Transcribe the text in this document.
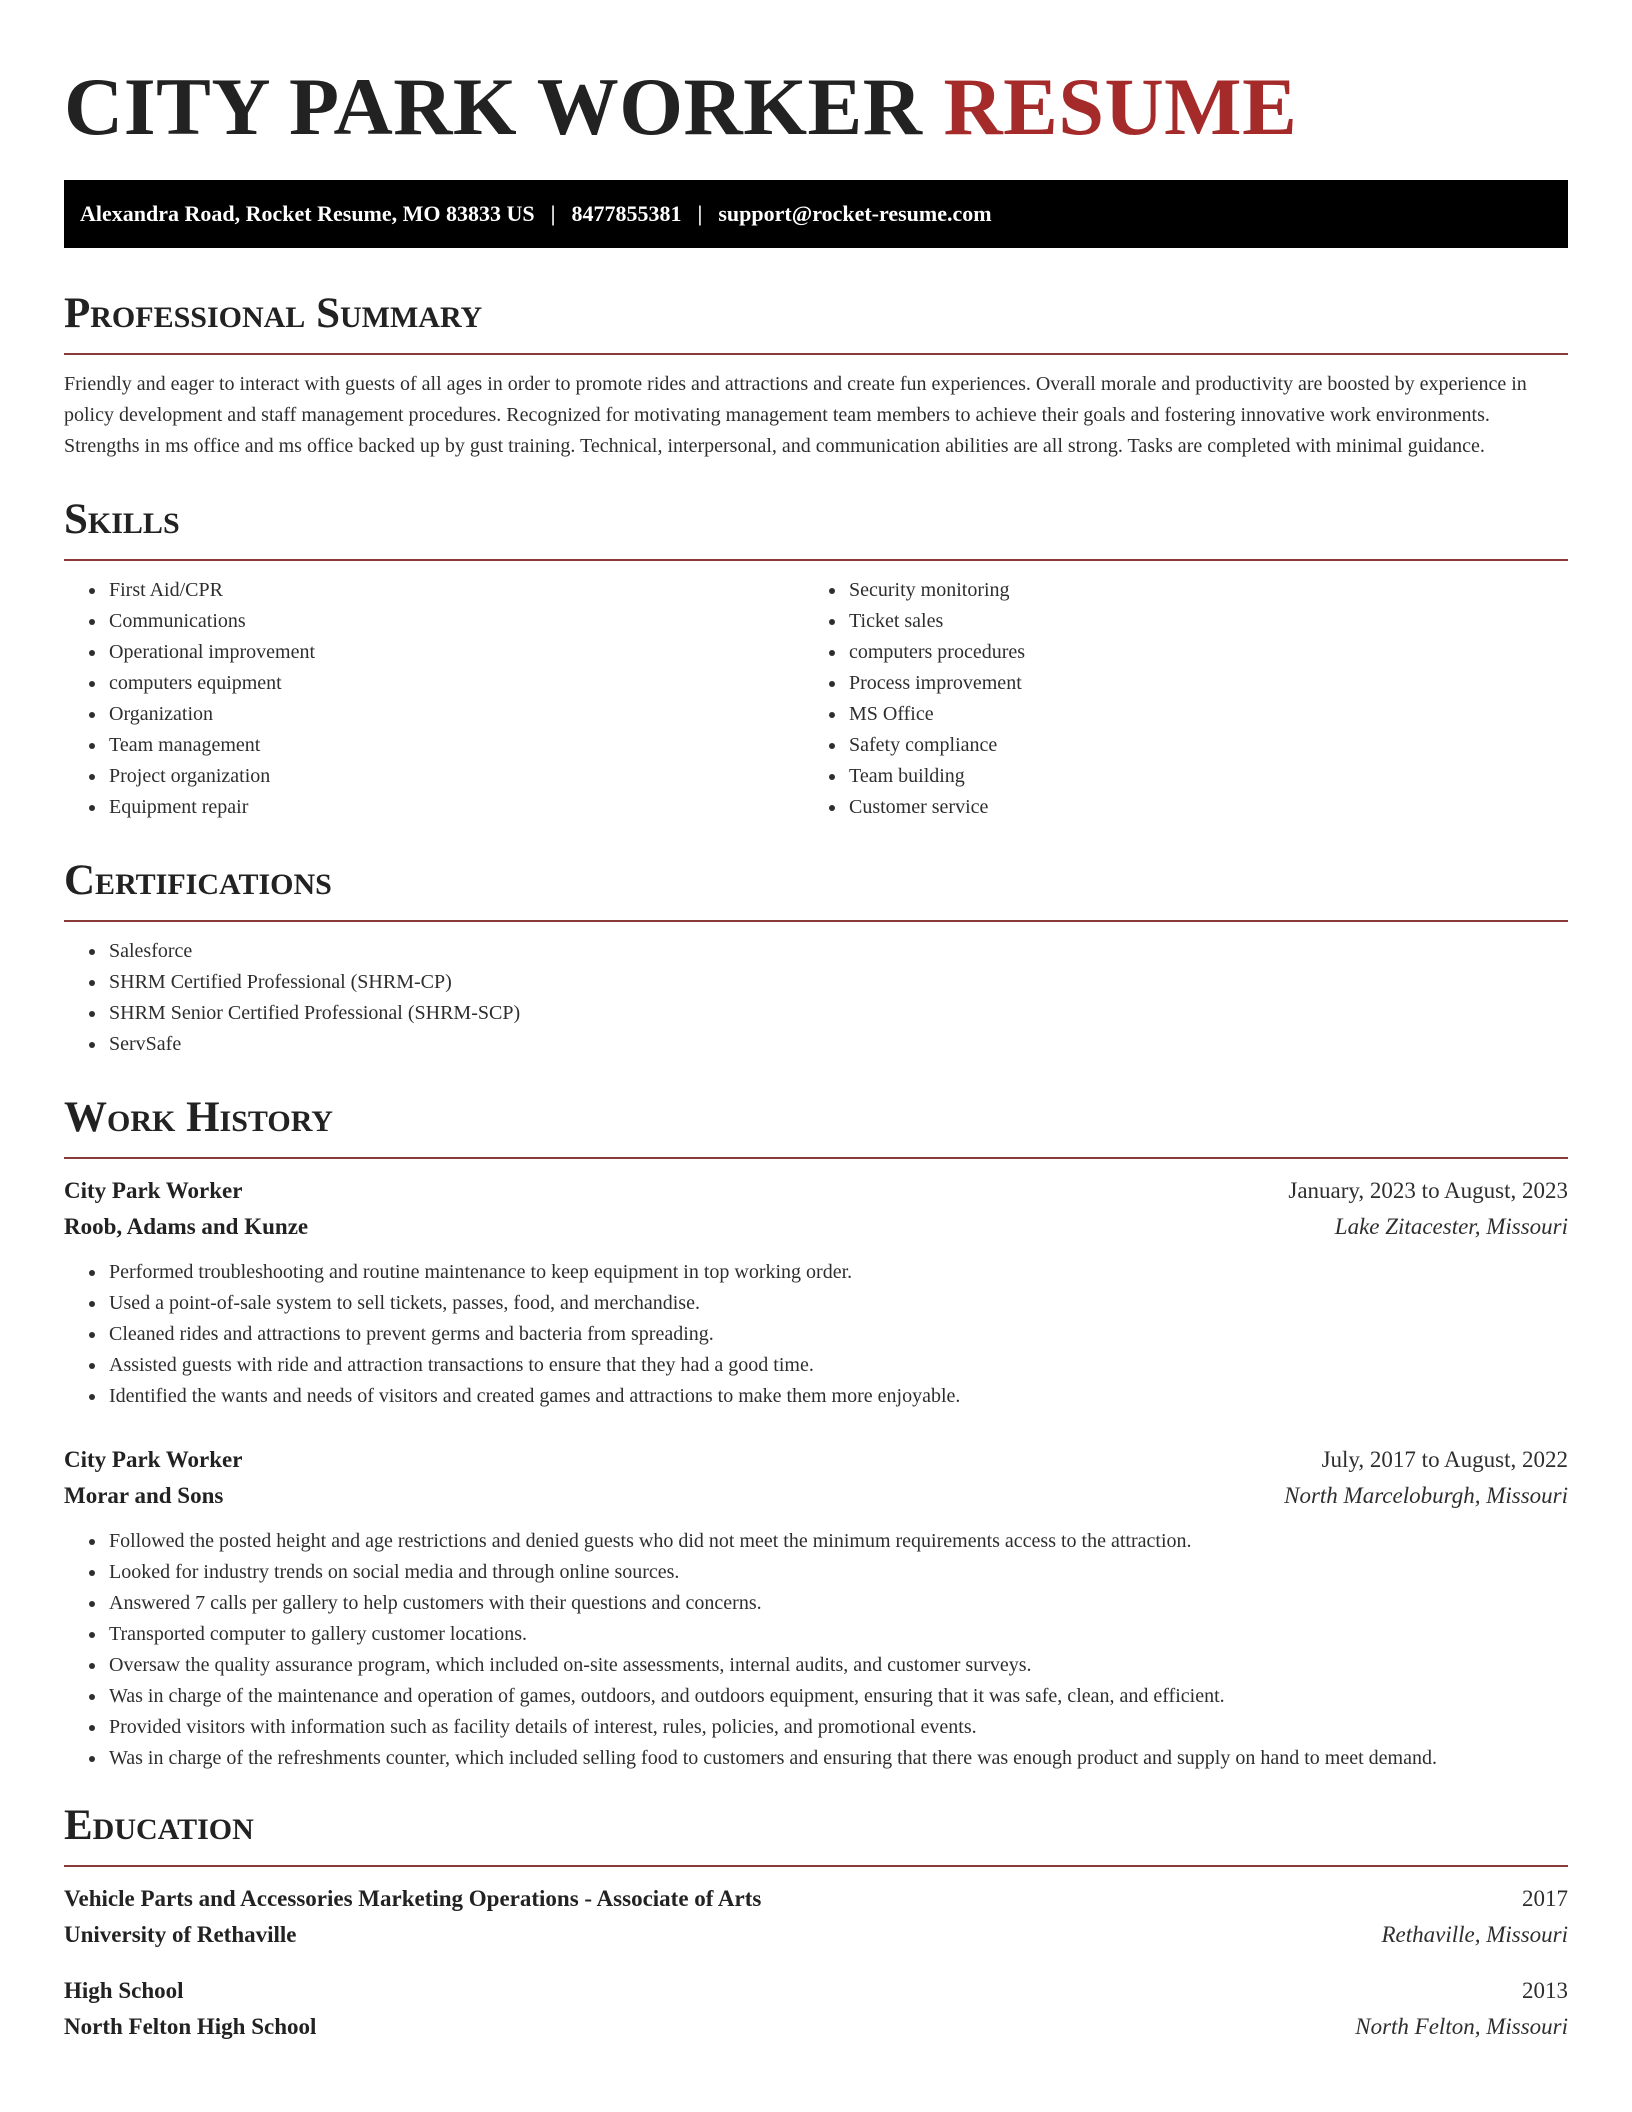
CITY PARK WORKER RESUME
Alexandra Road, Rocket Resume, MO 83833 US | 8477855381 | support@rocket-resume.com
Professional Summary

Friendly and eager to interact with guests of all ages in order to promote rides and attractions and create fun experiences. Overall morale and productivity are boosted by experience in policy development and staff management procedures. Recognized for motivating management team members to achieve their goals and fostering innovative work environments. Strengths in ms office and ms office backed up by gust training. Technical, interpersonal, and communication abilities are all strong. Tasks are completed with minimal guidance.

Skills
• First Aid/CPR
• Communications
• Operational improvement
• computers equipment
• Organization
• Team management
• Project organization
• Equipment repair
• Security monitoring
• Ticket sales
• computers procedures
• Process improvement
• MS Office
• Safety compliance
• Team building
• Customer service
Certifications
• Salesforce
• SHRM Certified Professional (SHRM-CP)
• SHRM Senior Certified Professional (SHRM-SCP)
• ServSafe
Work History
City Park Worker	January, 2023 to August, 2023
Roob, Adams and Kunze	Lake Zitacester, Missouri
• Performed troubleshooting and routine maintenance to keep equipment in top working order.
• Used a point-of-sale system to sell tickets, passes, food, and merchandise.
• Cleaned rides and attractions to prevent germs and bacteria from spreading.
• Assisted guests with ride and attraction transactions to ensure that they had a good time.
• Identified the wants and needs of visitors and created games and attractions to make them more enjoyable.
City Park Worker	July, 2017 to August, 2022
Morar and Sons	North Marceloburgh, Missouri
• Followed the posted height and age restrictions and denied guests who did not meet the minimum requirements access to the attraction.
• Looked for industry trends on social media and through online sources.
• Answered 7 calls per gallery to help customers with their questions and concerns.
• Transported computer to gallery customer locations.
• Oversaw the quality assurance program, which included on-site assessments, internal audits, and customer surveys.
• Was in charge of the maintenance and operation of games, outdoors, and outdoors equipment, ensuring that it was safe, clean, and efficient.
• Provided visitors with information such as facility details of interest, rules, policies, and promotional events.
• Was in charge of the refreshments counter, which included selling food to customers and ensuring that there was enough product and supply on hand to meet demand.
Education
Vehicle Parts and Accessories Marketing Operations - Associate of Arts	2017
University of Rethaville	Rethaville, Missouri
High School	2013
North Felton High School	North Felton, Missouri
